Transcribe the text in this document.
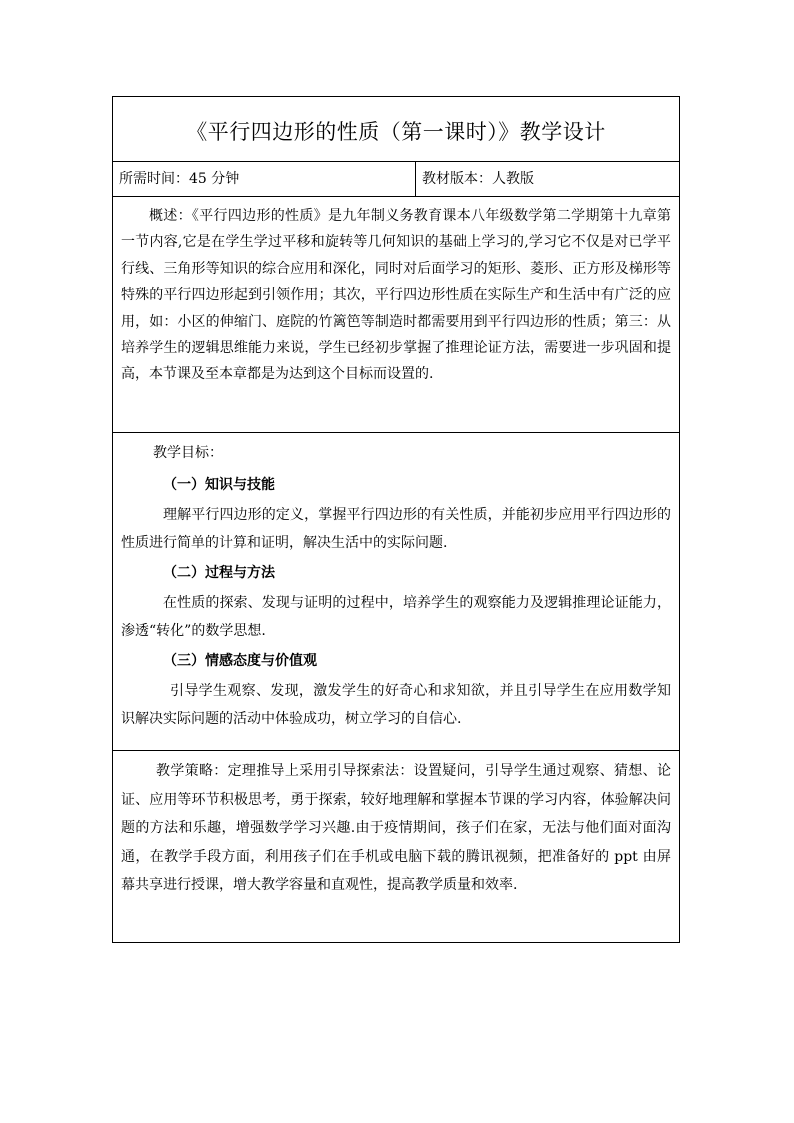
《平行四边形的性质（第一课时）》教学设计
所需时间：45 分钟	教材版本：人教版

概述：《平行四边形的性质》是九年制义务教育课本八年级数学第二学期第十九章第一节内容,它是在学生学过平移和旋转等几何知识的基础上学习的,学习它不仅是对已学平行线、三角形等知识的综合应用和深化，同时对后面学习的矩形、菱形、正方形及梯形等特殊的平行四边形起到引领作用；其次，平行四边形性质在实际生产和生活中有广泛的应用，如：小区的伸缩门、庭院的竹篱笆等制造时都需要用到平行四边形的性质；第三：从培养学生的逻辑思维能力来说，学生已经初步掌握了推理论证方法，需要进一步巩固和提高，本节课及至本章都是为达到这个目标而设置的.

教学目标：
（一）知识与技能

理解平行四边形的定义，掌握平行四边形的有关性质，并能初步应用平行四边形的性质进行简单的计算和证明，解决生活中的实际问题.

（二）过程与方法

在性质的探索、发现与证明的过程中，培养学生的观察能力及逻辑推理论证能力，渗透“转化”的数学思想.

（三）情感态度与价值观

引导学生观察、发现，激发学生的好奇心和求知欲，并且引导学生在应用数学知识解决实际问题的活动中体验成功，树立学习的自信心.

教学策略：定理推导上采用引导探索法：设置疑问，引导学生通过观察、猜想、论证、应用等环节积极思考，勇于探索，较好地理解和掌握本节课的学习内容，体验解决问题的方法和乐趣，增强数学学习兴趣.由于疫情期间，孩子们在家，无法与他们面对面沟通，在教学手段方面，利用孩子们在手机或电脑下载的腾讯视频，把准备好的 ppt 由屏幕共享进行授课，增大教学容量和直观性，提高教学质量和效率.
